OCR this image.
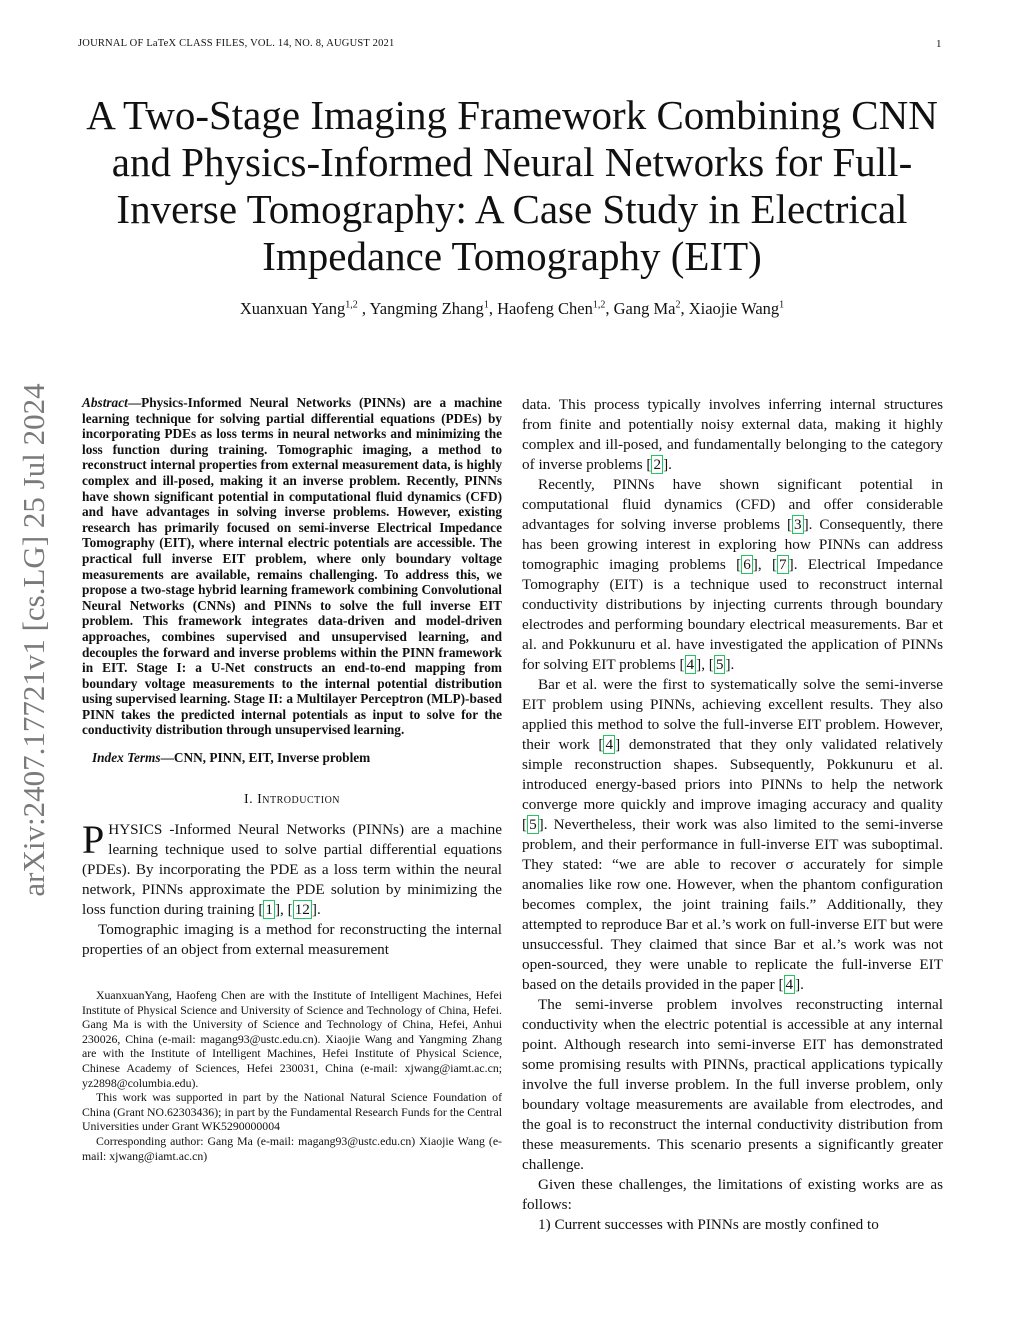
JOURNAL OF LaTeX CLASS FILES, VOL. 14, NO. 8, AUGUST 2021	1
A Two-Stage Imaging Framework Combining CNN and Physics-Informed Neural Networks for Full-Inverse Tomography: A Case Study in Electrical Impedance Tomography (EIT)
Xuanxuan Yang$^{1,2}$ , Yangming Zhang$^1$, Haofeng Chen$^{1,2}$, Gang Ma$^2$, Xiaojie Wang$^1$
arXiv:2407.17721v1 [cs.LG] 25 Jul 2024 Abstract—Physics-Informed Neural Networks (PINNs) are a machine learning technique for solving partial differential equations (PDEs) by incorporating PDEs as loss terms in neural networks and minimizing the loss function during training. Tomographic imaging, a method to reconstruct internal properties from external measurement data, is highly complex and ill-posed, making it an inverse problem. Recently, PINNs have shown significant potential in computational fluid dynamics (CFD) and have advantages in solving inverse problems. However, existing research has primarily focused on semi-inverse Electrical Impedance Tomography (EIT), where internal electric potentials are accessible. The practical full inverse EIT problem, where only boundary voltage measurements are available, remains challenging. To address this, we propose a two-stage hybrid learning framework combining Convolutional Neural Networks (CNNs) and PINNs to solve the full inverse EIT problem. This framework integrates data-driven and model-driven approaches, combines supervised and unsupervised learning, and decouples the forward and inverse problems within the PINN framework in EIT. Stage I: a U-Net constructs an end-to-end mapping from boundary voltage measurements to the internal potential distribution using supervised learning. Stage II: a Multilayer Perceptron (MLP)-based PINN takes the predicted internal potentials as input to solve for the conductivity distribution through unsupervised learning.

Index Terms—CNN, PINN, EIT, Inverse problem

I. Introduction

PHYSICS -Informed Neural Networks (PINNs) are a machine learning technique used to solve partial differential equations (PDEs). By incorporating the PDE as a loss term within the neural network, PINNs approximate the PDE solution by minimizing the loss function during training [ 1 ], [ 12 ].

Tomographic imaging is a method for reconstructing the internal properties of an object from external measurement

XuanxuanYang, Haofeng Chen are with the Institute of Intelligent Machines, Hefei Institute of Physical Science and University of Science and Technology of China, Hefei. Gang Ma is with the University of Science and Technology of China, Hefei, Anhui 230026, China (e-mail: magang93@ustc.edu.cn). Xiaojie Wang and Yangming Zhang are with the Institute of Intelligent Machines, Hefei Institute of Physical Science, Chinese Academy of Sciences, Hefei 230031, China (e-mail: xjwang@iamt.ac.cn; yz2898@columbia.edu).

This work was supported in part by the National Natural Science Foundation of China (Grant NO.62303436); in part by the Fundamental Research Funds for the Central Universities under Grant WK5290000004

Corresponding author: Gang Ma (e-mail: magang93@ustc.edu.cn) Xiaojie Wang (e-mail: xjwang@iamt.ac.cn)

data. This process typically involves inferring internal structures from finite and potentially noisy external data, making it highly complex and ill-posed, and fundamentally belonging to the category of inverse problems [ 2 ].

Recently, PINNs have shown significant potential in computational fluid dynamics (CFD) and offer considerable advantages for solving inverse problems [ 3 ]. Consequently, there has been growing interest in exploring how PINNs can address tomographic imaging problems [ 6 ], [ 7 ]. Electrical Impedance Tomography (EIT) is a technique used to reconstruct internal conductivity distributions by injecting currents through boundary electrodes and performing boundary electrical measurements. Bar et al. and Pokkunuru et al. have investigated the application of PINNs for solving EIT problems [ 4 ], [ 5 ].

Bar et al. were the first to systematically solve the semi-inverse EIT problem using PINNs, achieving excellent results. They also applied this method to solve the full-inverse EIT problem. However, their work [ 4 ] demonstrated that they only validated relatively simple reconstruction shapes. Subsequently, Pokkunuru et al. introduced energy-based priors into PINNs to help the network converge more quickly and improve imaging accuracy and quality [ 5 ]. Nevertheless, their work was also limited to the semi-inverse problem, and their performance in full-inverse EIT was suboptimal. They stated: “we are able to recover σ accurately for simple anomalies like row one. However, when the phantom configuration becomes complex, the joint training fails.” Additionally, they attempted to reproduce Bar et al.’s work on full-inverse EIT but were unsuccessful. They claimed that since Bar et al.’s work was not open-sourced, they were unable to replicate the full-inverse EIT based on the details provided in the paper [ 4 ].

The semi-inverse problem involves reconstructing internal conductivity when the electric potential is accessible at any internal point. Although research into semi-inverse EIT has demonstrated some promising results with PINNs, practical applications typically involve the full inverse problem. In the full inverse problem, only boundary voltage measurements are available from electrodes, and the goal is to reconstruct the internal conductivity distribution from these measurements. This scenario presents a significantly greater challenge.

Given these challenges, the limitations of existing works are as follows:

1) Current successes with PINNs are mostly confined to
